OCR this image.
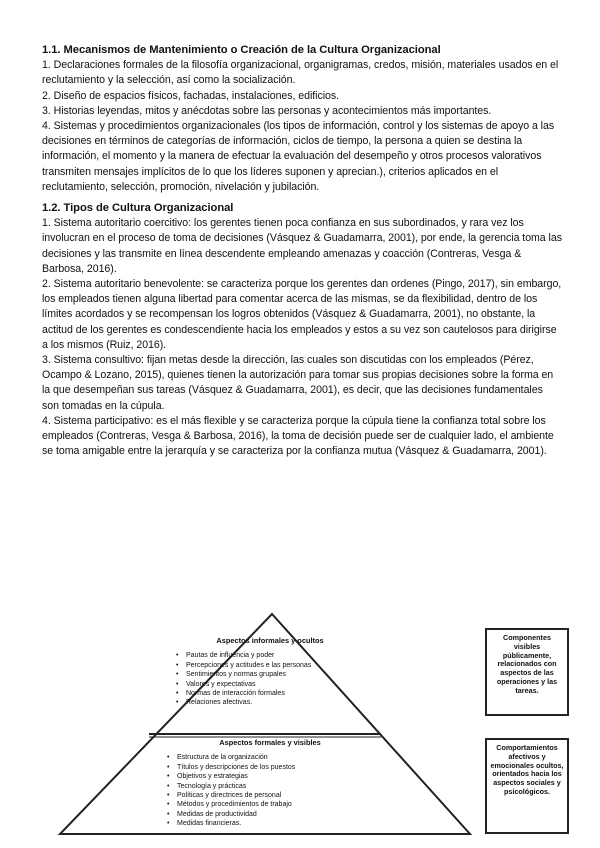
1.1. Mecanismos de Mantenimiento o Creación de la Cultura Organizacional

1. Declaraciones formales de la filosofía organizacional, organigramas, credos, misión, materiales usados en el reclutamiento y la selección, así como la socialización.

2. Diseño de espacios físicos, fachadas, instalaciones, edificios.

3. Historias leyendas, mitos y anécdotas sobre las personas y acontecimientos más importantes.

4. Sistemas y procedimientos organizacionales (los tipos de información, control y los sistemas de apoyo a las decisiones en términos de categorías de información, ciclos de tiempo, la persona a quien se destina la información, el momento y la manera de efectuar la evaluación del desempeño y otros procesos valorativos transmiten mensajes implícitos de lo que los líderes suponen y aprecian.), criterios aplicados en el reclutamiento, selección, promoción, nivelación y jubilación.

1.2. Tipos de Cultura Organizacional

1. Sistema autoritario coercitivo: los gerentes tienen poca confianza en sus subordinados, y rara vez los involucran en el proceso de toma de decisiones (Vásquez & Guadamarra, 2001), por ende, la gerencia toma las decisiones y las transmite en línea descendente empleando amenazas y coacción (Contreras, Vesga & Barbosa, 2016).

2. Sistema autoritario benevolente: se caracteriza porque los gerentes dan ordenes (Pingo, 2017), sin embargo, los empleados tienen alguna libertad para comentar acerca de las mismas, se da flexibilidad, dentro de los límites acordados y se recompensan los logros obtenidos (Vásquez & Guadamarra, 2001), no obstante, la actitud de los gerentes es condescendiente hacia los empleados y estos a su vez son cautelosos para dirigirse a los mismos (Ruiz, 2016).

3. Sistema consultivo: fijan metas desde la dirección, las cuales son discutidas con los empleados (Pérez, Ocampo & Lozano, 2015), quienes tienen la autorización para tomar sus propias decisiones sobre la forma en la que desempeñan sus tareas (Vásquez & Guadamarra, 2001), es decir, que las decisiones fundamentales son tomadas en la cúpula.

4. Sistema participativo: es el más flexible y se caracteriza porque la cúpula tiene la confianza total sobre los empleados (Contreras, Vesga & Barbosa, 2016), la toma de decisión puede ser de cualquier lado, el ambiente se toma amigable entre la jerarquía y se caracteriza por la confianza mutua (Vásquez & Guadamarra, 2001).

Aspectos informales y ocultos
• Pautas de influencia y poder
• Percepciones y actitudes e las personas
• Sentimientos y normas grupales
• Valores y expectativas
• Normas de interacción formales
• Relaciones afectivas.
Aspectos formales y visibles
• Estructura de la organización
• Títulos y descripciones de los puestos
• Objetivos y estrategias
• Tecnología y prácticas
• Políticas y directrices de personal
• Métodos y procedimientos de trabajo
• Medidas de productividad
• Medidas financieras.
Componentes visibles públicamente, relacionados con aspectos de las operaciones y las tareas.
Comportamientos afectivos y emocionales ocultos, orientados hacia los aspectos sociales y psicológicos.
